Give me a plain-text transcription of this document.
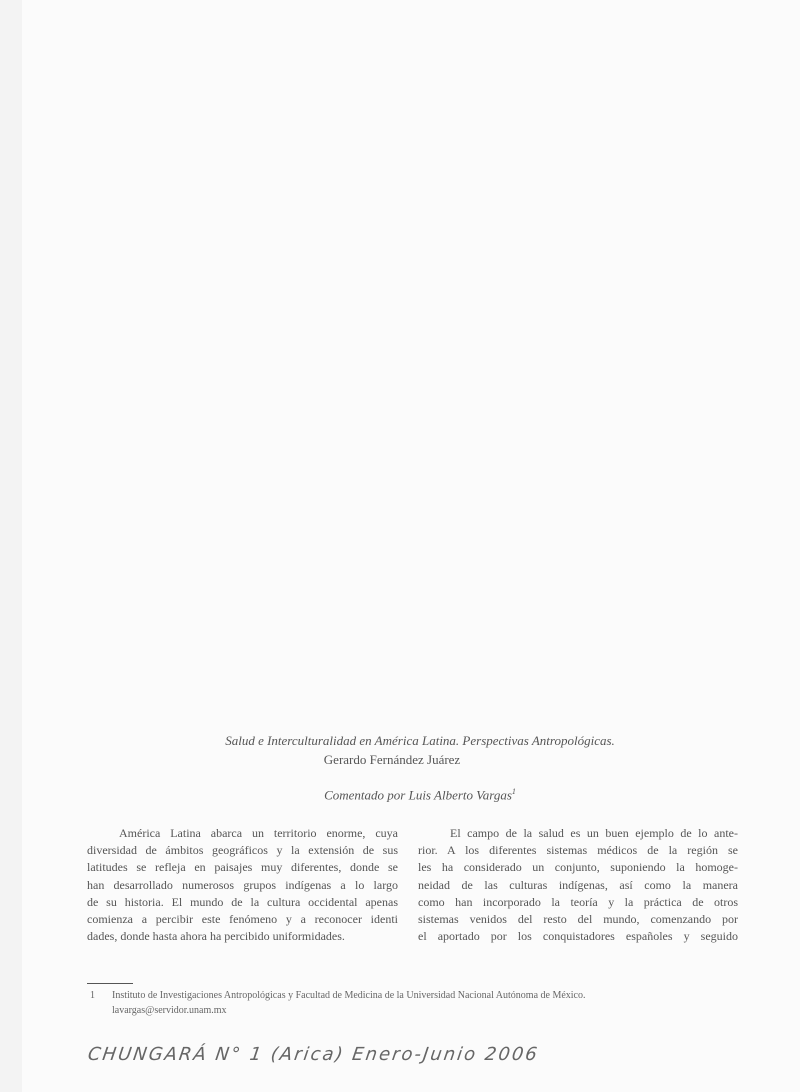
Salud e Interculturalidad en América Latina. Perspectivas Antropológicas.
Gerardo Fernández Juárez
Comentado por Luis Alberto Vargas$^1$
América Latina abarca un territorio enorme, cuya
diversidad de ámbitos geográficos y la extensión de sus
latitudes se refleja en paisajes muy diferentes, donde se
han desarrollado numerosos grupos indígenas a lo largo
de su historia. El mundo de la cultura occidental apenas
comienza a percibir este fenómeno y a reconocer identi
dades, donde hasta ahora ha percibido uniformidades.
El campo de la salud es un buen ejemplo de lo ante-
rior. A los diferentes sistemas médicos de la región se
les ha considerado un conjunto, suponiendo la homoge-
neidad de las culturas indígenas, así como la manera
como han incorporado la teoría y la práctica de otros
sistemas venidos del resto del mundo, comenzando por
el aportado por los conquistadores españoles y seguido
1 Instituto de Investigaciones Antropológicas y Facultad de Medicina de la Universidad Nacional Autónoma de México.
lavargas@servidor.unam.mx
CHUNGARÁ N° 1 (Arica) Enero-Junio 2006
